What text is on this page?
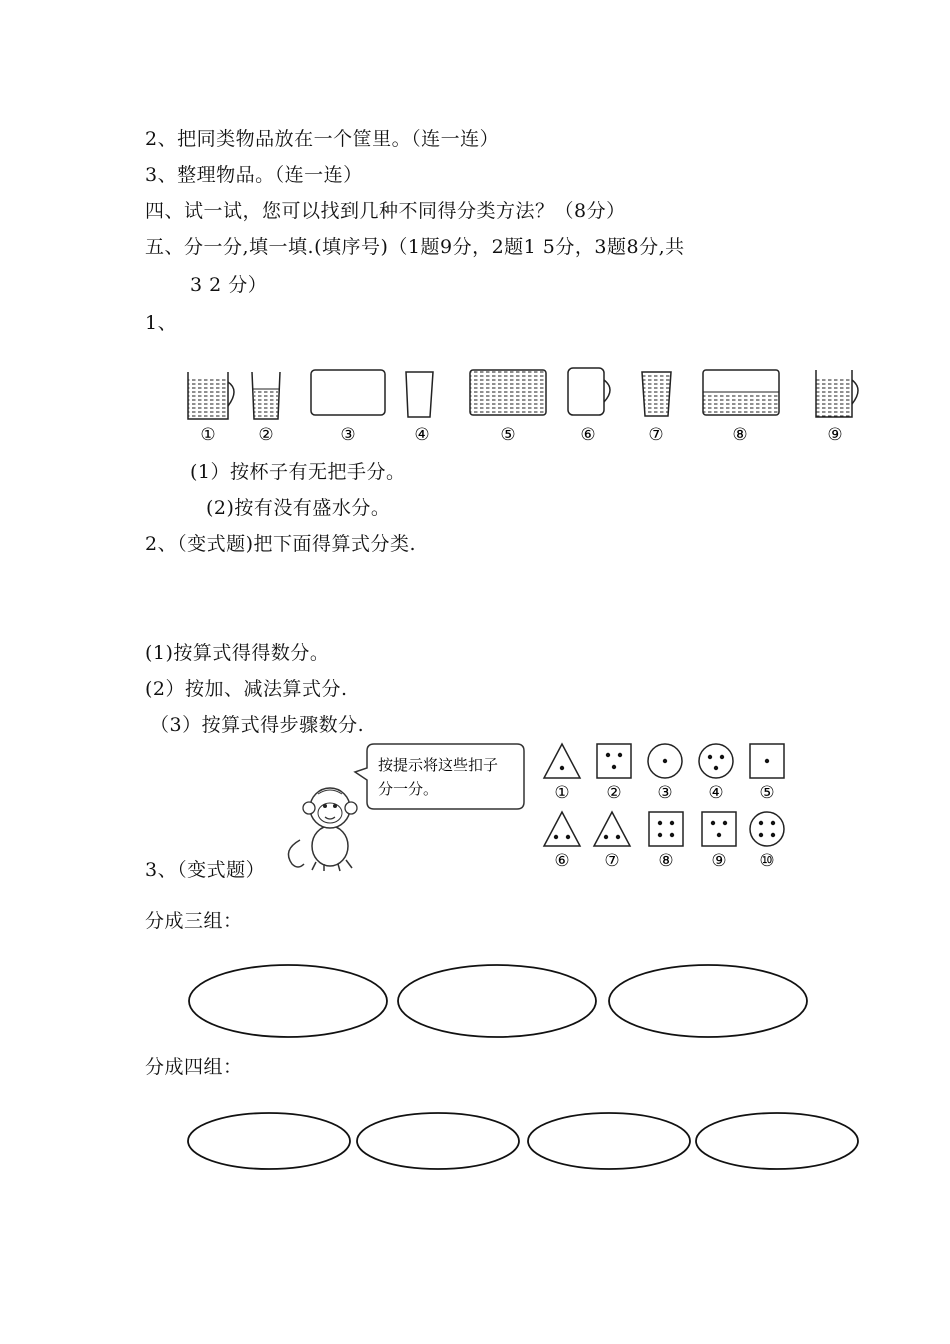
2、把同类物品放在一个筐里。（连一连）
3、整理物品。（连一连）
四、试一试，您可以找到几种不同得分类方法？（8分）
五、分一分,填一填.(填序号)（1题9分，2题1 5分，3题8分,共
3 2 分）
1、
①	②	③	④	⑤	⑥	⑦	⑧	⑨
(1）按杯子有无把手分。
(2)按有没有盛水分。
2、（变式题)把下面得算式分类.
(1)按算式得得数分。
(2）按加、减法算式分.
（3）按算式得步骤数分.
3、（变式题）
按提示将这些扣子
分一分。	① ② ③ ④ ⑤
⑥ ⑦ ⑧ ⑨ ⑩
分成三组：
分成四组：
